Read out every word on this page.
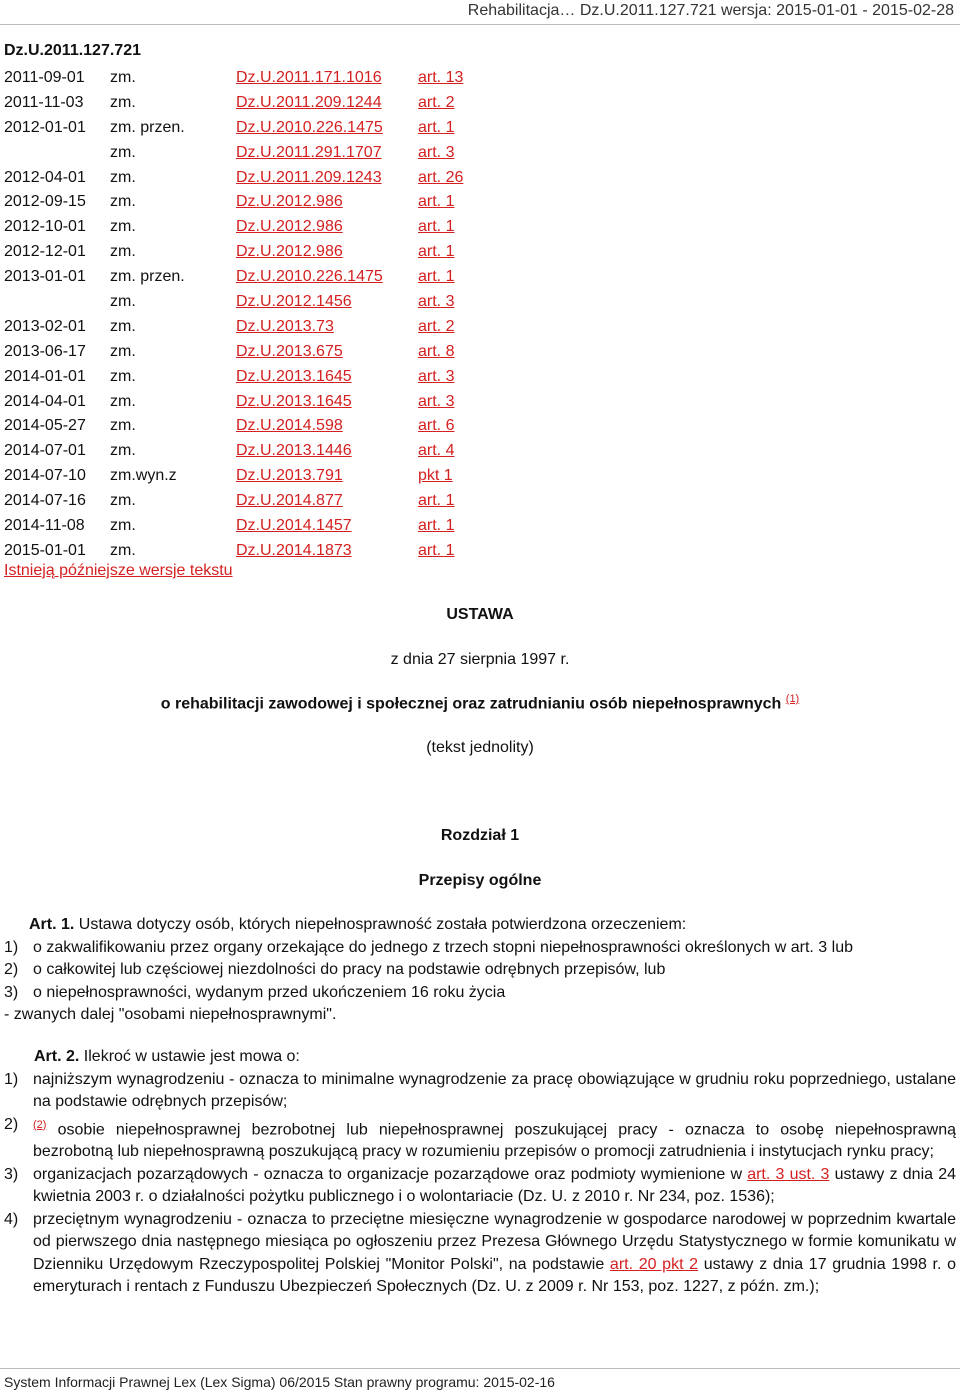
Rehabilitacja… Dz.U.2011.127.721 wersja: 2015-01-01 - 2015-02-28
Dz.U.2011.127.721
2011-09-01 zm.	Dz.U.2011.171.1016 art. 13
2011-11-03 zm.	Dz.U.2011.209.1244 art. 2
2012-01-01 zm. przen.	Dz.U.2010.226.1475 art. 1
zm.	Dz.U.2011.291.1707 art. 3
2012-04-01 zm.	Dz.U.2011.209.1243 art. 26
2012-09-15 zm.	Dz.U.2012.986	art. 1
2012-10-01 zm.	Dz.U.2012.986	art. 1
2012-12-01 zm.	Dz.U.2012.986	art. 1
2013-01-01 zm. przen.	Dz.U.2010.226.1475 art. 1
zm.	Dz.U.2012.1456	art. 3
2013-02-01 zm.	Dz.U.2013.73	art. 2
2013-06-17 zm.	Dz.U.2013.675	art. 8
2014-01-01 zm.	Dz.U.2013.1645	art. 3
2014-04-01 zm.	Dz.U.2013.1645	art. 3
2014-05-27 zm.	Dz.U.2014.598	art. 6
2014-07-01 zm.	Dz.U.2013.1446	art. 4
2014-07-10 zm.wyn.z	Dz.U.2013.791	pkt 1
2014-07-16 zm.	Dz.U.2014.877	art. 1
2014-11-08 zm.	Dz.U.2014.1457	art. 1
2015-01-01 zm.	Dz.U.2014.1873	art. 1
Istnieją późniejsze wersje tekstu
USTAWA
z dnia 27 sierpnia 1997 r.
o rehabilitacji zawodowej i społecznej oraz zatrudnianiu osób niepełnosprawnych $^{(1)}$
(tekst jednolity)
Rozdział 1
Przepisy ogólne
Art. 1. Ustawa dotyczy osób, których niepełnosprawność została potwierdzona orzeczeniem:
1) o zakwalifikowaniu przez organy orzekające do jednego z trzech stopni niepełnosprawności określonych w art. 3 lub
2) o całkowitej lub częściowej niezdolności do pracy na podstawie odrębnych przepisów, lub
3) o niepełnosprawności, wydanym przed ukończeniem 16 roku życia
- zwanych dalej "osobami niepełnosprawnymi".
Art. 2. Ilekroć w ustawie jest mowa o:
1) najniższym wynagrodzeniu - oznacza to minimalne wynagrodzenie za pracę obowiązujące w grudniu roku poprzedniego, ustalane na podstawie odrębnych przepisów;
2) $^{(2)}$ osobie niepełnosprawnej bezrobotnej lub niepełnosprawnej poszukującej pracy - oznacza to osobę niepełnosprawną bezrobotną lub niepełnosprawną poszukującą pracy w rozumieniu przepisów o promocji zatrudnienia i instytucjach rynku pracy;
3) organizacjach pozarządowych - oznacza to organizacje pozarządowe oraz podmioty wymienione w art. 3 ust. 3 ustawy z dnia 24 kwietnia 2003 r. o działalności pożytku publicznego i o wolontariacie (Dz. U. z 2010 r. Nr 234, poz. 1536);
4) przeciętnym wynagrodzeniu - oznacza to przeciętne miesięczne wynagrodzenie w gospodarce narodowej w poprzednim kwartale od pierwszego dnia następnego miesiąca po ogłoszeniu przez Prezesa Głównego Urzędu Statystycznego w formie komunikatu w Dzienniku Urzędowym Rzeczypospolitej Polskiej "Monitor Polski", na podstawie art. 20 pkt 2 ustawy z dnia 17 grudnia 1998 r. o emeryturach i rentach z Funduszu Ubezpieczeń Społecznych (Dz. U. z 2009 r. Nr 153, poz. 1227, z późn. zm.);
System Informacji Prawnej Lex (Lex Sigma) 06/2015 Stan prawny programu: 2015-02-16
